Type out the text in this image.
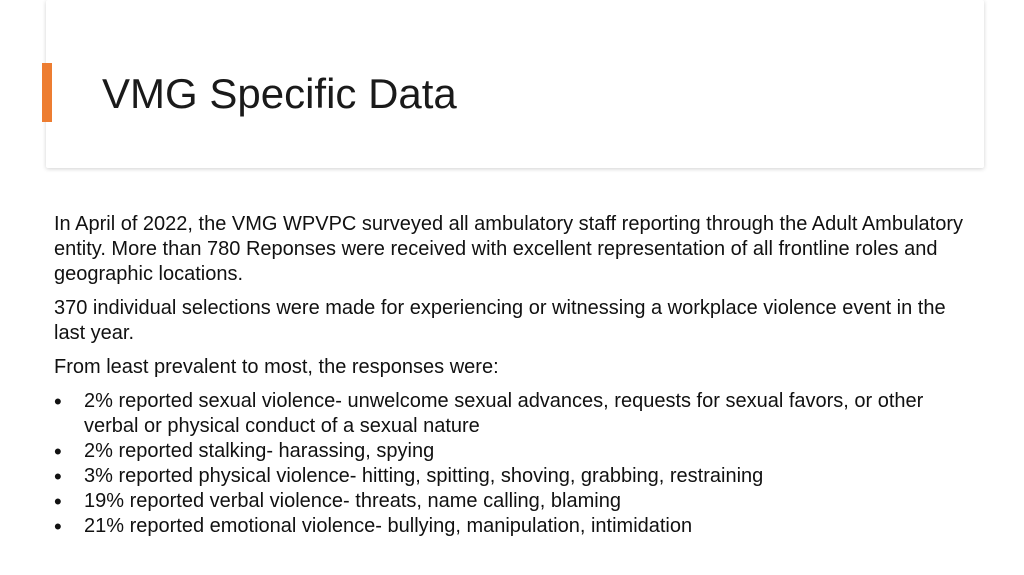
VMG Specific Data

In April of 2022, the VMG WPVPC surveyed all ambulatory staff reporting through the Adult Ambulatory entity. More than 780 Reponses were received with excellent representation of all frontline roles and geographic locations.

370 individual selections were made for experiencing or witnessing a workplace violence event in the last year.

From least prevalent to most, the responses were:

•	2% reported sexual violence- unwelcome sexual advances, requests for sexual favors, or other verbal or physical conduct of a sexual nature
•	2% reported stalking- harassing, spying
•	3% reported physical violence- hitting, spitting, shoving, grabbing, restraining
•	19% reported verbal violence- threats, name calling, blaming
•	21% reported emotional violence- bullying, manipulation, intimidation
